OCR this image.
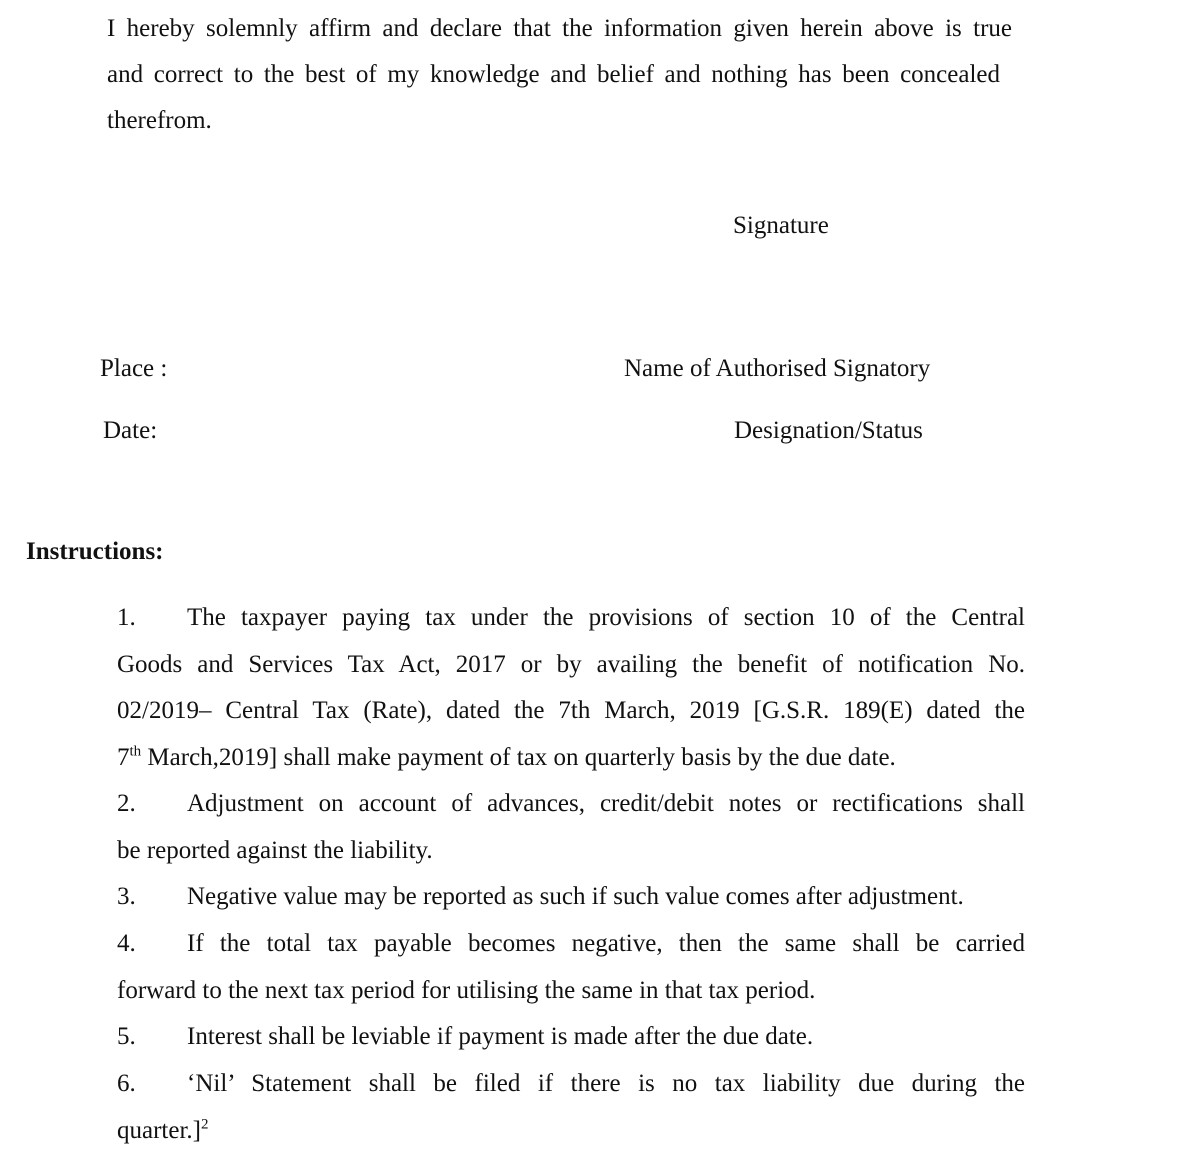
I hereby solemnly affirm and declare that the information given herein above is true
and correct to the best of my knowledge and belief and nothing has been concealed
therefrom.
Signature
Place :	Name of Authorised Signatory
Date:	Designation/Status
Instructions:
1. The taxpayer paying tax under the provisions of section 10 of the Central
Goods and Services Tax Act, 2017 or by availing the benefit of notification No.
02/2019– Central Tax (Rate), dated the 7th March, 2019 [G.S.R. 189(E) dated the
7th March,2019] shall make payment of tax on quarterly basis by the due date.
2. Adjustment on account of advances, credit/debit notes or rectifications shall
be reported against the liability.
3. Negative value may be reported as such if such value comes after adjustment.
4. If the total tax payable becomes negative, then the same shall be carried
forward to the next tax period for utilising the same in that tax period.
5. Interest shall be leviable if payment is made after the due date.
6. ‘Nil’ Statement shall be filed if there is no tax liability due during the
quarter.]$^2$
